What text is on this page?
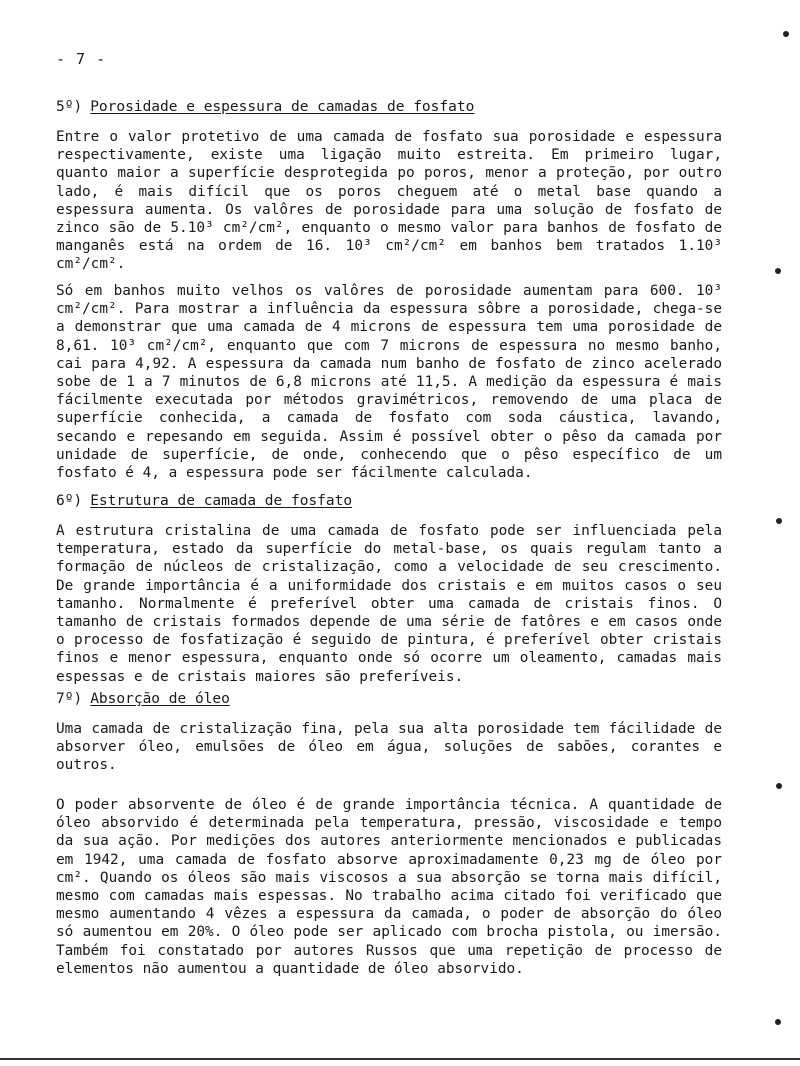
- 7 -
5º) Porosidade e espessura de camadas de fosfato

Entre o valor protetivo de uma camada de fosfato sua porosidade e espessura respectivamente, existe uma ligação muito estreita. Em primeiro lugar, quanto maior a superfície desprotegida po poros, menor a proteção, por outro lado, é mais difícil que os poros cheguem até o metal base quando a espessura aumenta. Os valôres de porosidade para uma solução de fosfato de zinco são de 5.10³ cm²/cm², enquanto o mesmo valor para banhos de fosfato de manganês está na ordem de 16. 10³ cm²/cm² em banhos bem tratados 1.10³ cm²/cm².

Só em banhos muito velhos os valôres de porosidade aumentam para 600. 10³ cm²/cm². Para mostrar a influência da espessura sôbre a porosidade, chega-se a demonstrar que uma camada de 4 microns de espessura tem uma porosidade de 8,61. 10³ cm²/cm², enquanto que com 7 microns de espessura no mesmo banho, cai para 4,92. A espessura da camada num banho de fosfato de zinco acelerado sobe de 1 a 7 minutos de 6,8 microns até 11,5. A medição da espessura é mais fácilmente executada por métodos gravimétricos, removendo de uma placa de superfície conhecida, a camada de fosfato com soda cáustica, lavando, secando e repesando em seguida. Assim é possível obter o pêso da camada por unidade de superfície, de onde, conhecendo que o pêso específico de um fosfato é 4, a espessura pode ser fácilmente calculada.

6º) Estrutura de camada de fosfato

A estrutura cristalina de uma camada de fosfato pode ser influenciada pela temperatura, estado da superfície do metal-base, os quais regulam tanto a formação de núcleos de cristalização, como a velocidade de seu crescimento. De grande importância é a uniformidade dos cristais e em muitos casos o seu tamanho. Normalmente é preferível obter uma camada de cristais finos. O tamanho de cristais formados depende de uma série de fatôres e em casos onde o processo de fosfatização é seguido de pintura, é preferível obter cristais finos e menor espessura, enquanto onde só ocorre um oleamento, camadas mais espessas e de cristais maiores são preferíveis.

7º) Absorção de óleo

Uma camada de cristalização fina, pela sua alta porosidade tem fácilidade de absorver óleo, emulsões de óleo em água, soluções de sabões, corantes e outros.

O poder absorvente de óleo é de grande importância técnica. A quantidade de óleo absorvido é determinada pela temperatura, pressão, viscosidade e tempo da sua ação. Por medições dos autores anteriormente mencionados e publicadas em 1942, uma camada de fosfato absorve aproximadamente 0,23 mg de óleo por cm². Quando os óleos são mais viscosos a sua absorção se torna mais difícil, mesmo com camadas mais espessas. No trabalho acima citado foi verificado que mesmo aumentando 4 vêzes a espessura da camada, o poder de absorção do óleo só aumentou em 20%. O óleo pode ser aplicado com brocha pistola, ou imersão. Também foi constatado por autores Russos que uma repetição de processo de elementos não aumentou a quantidade de óleo absorvido.
